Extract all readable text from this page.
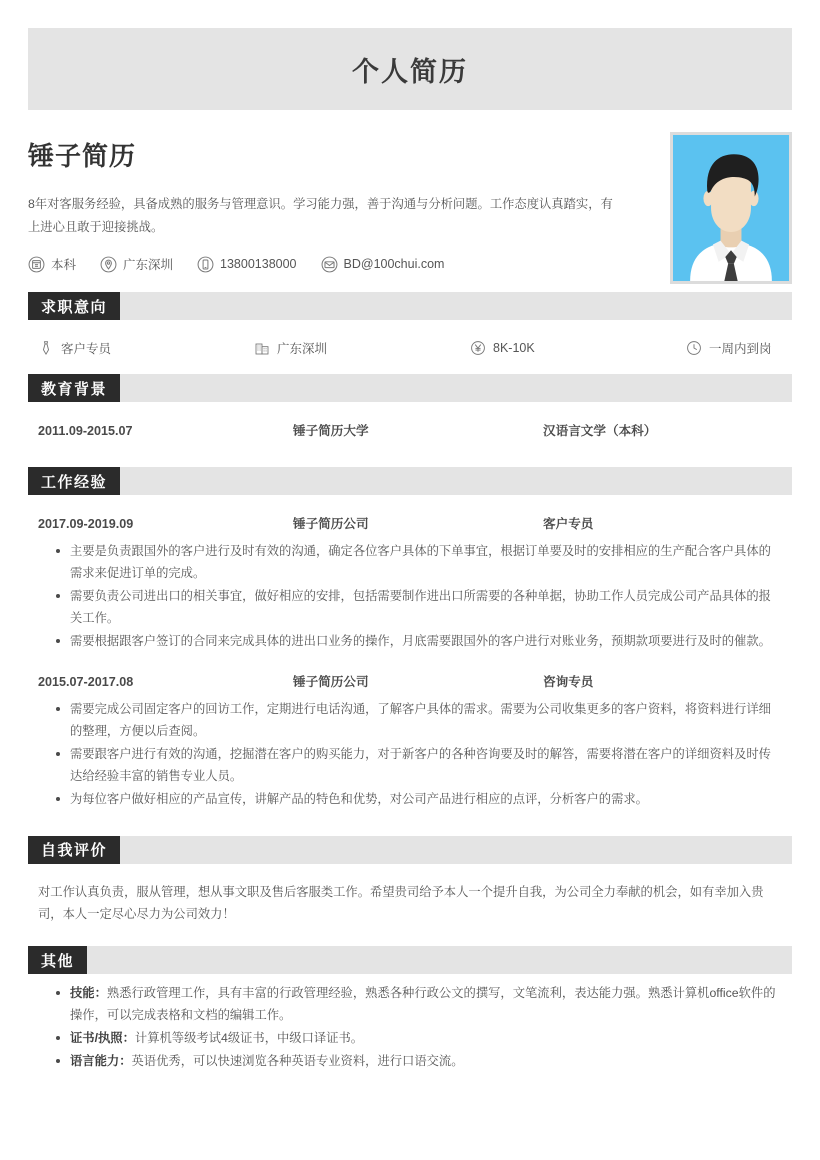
个人简历
锤子简历
8年对客服务经验，具备成熟的服务与管理意识。学习能力强，善于沟通与分析问题。工作态度认真踏实，有上进心且敢于迎接挑战。
本科	广东深圳	13800138000	BD@100chui.com
求职意向
客户专员	广东深圳	8K-10K	一周内到岗
教育背景
2011.09-2015.07	锤子简历大学	汉语言文学（本科）
工作经验
2017.09-2019.09	锤子简历公司	客户专员
主要是负责跟国外的客户进行及时有效的沟通，确定各位客户具体的下单事宜，根据订单要及时的安排相应的生产配合客户具体的需求来促进订单的完成。
需要负责公司进出口的相关事宜，做好相应的安排，包括需要制作进出口所需要的各种单据，协助工作人员完成公司产品具体的报关工作。
需要根据跟客户签订的合同来完成具体的进出口业务的操作，月底需要跟国外的客户进行对账业务，预期款项要进行及时的催款。
2015.07-2017.08	锤子简历公司	咨询专员
需要完成公司固定客户的回访工作，定期进行电话沟通，了解客户具体的需求。需要为公司收集更多的客户资料，将资料进行详细的整理，方便以后查阅。
需要跟客户进行有效的沟通，挖掘潜在客户的购买能力，对于新客户的各种咨询要及时的解答，需要将潜在客户的详细资料及时传达给经验丰富的销售专业人员。
为每位客户做好相应的产品宣传，讲解产品的特色和优势，对公司产品进行相应的点评，分析客户的需求。
自我评价
对工作认真负责，服从管理，想从事文职及售后客服类工作。希望贵司给予本人一个提升自我，为公司全力奉献的机会，如有幸加入贵司，本人一定尽心尽力为公司效力！
其他
技能：熟悉行政管理工作，具有丰富的行政管理经验，熟悉各种行政公文的撰写，文笔流利，表达能力强。熟悉计算机office软件的操作，可以完成表格和文档的编辑工作。
证书/执照：计算机等级考试4级证书，中级口译证书。
语言能力：英语优秀，可以快速浏览各种英语专业资料，进行口语交流。
